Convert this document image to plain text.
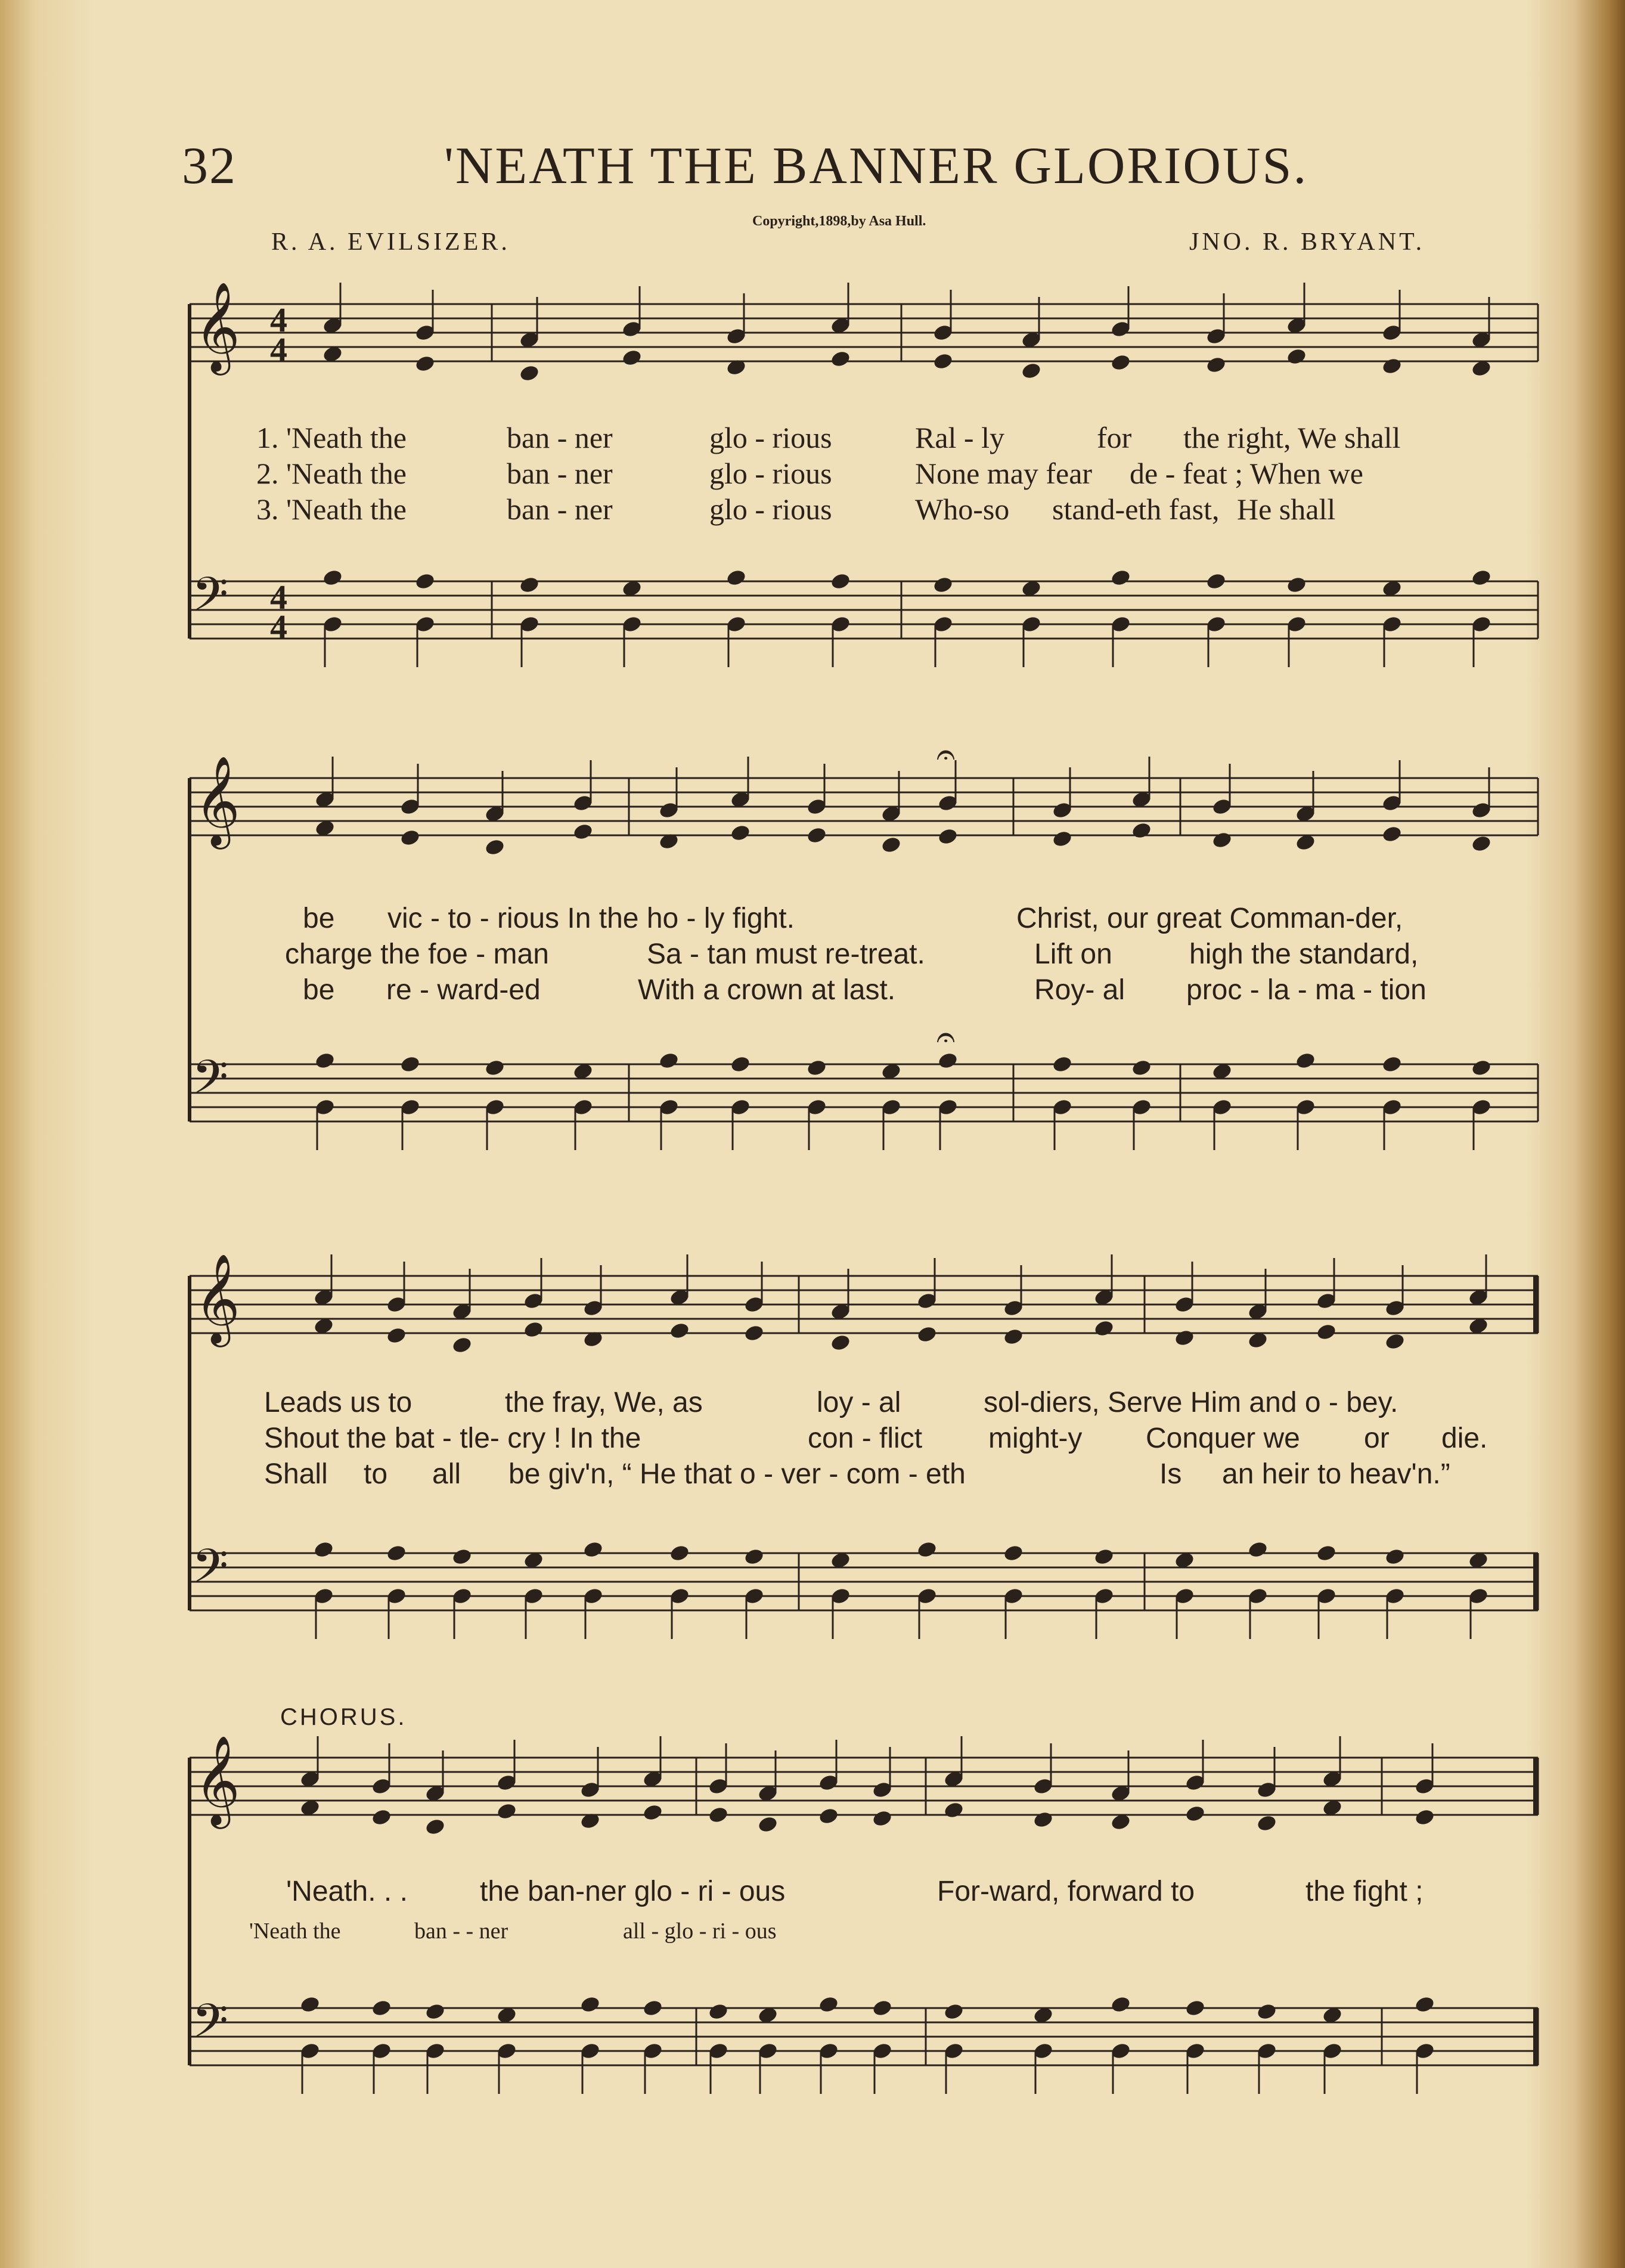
32	'NEATH THE BANNER GLORIOUS.
Copyright,1898,by Asa Hull.
R. A. EVILSIZER.	JNO. R. BRYANT.
CHORUS.
𝄞 4
4
𝄢 4
4
𝄞
𝄢
𝄞
𝄢
𝄞
𝄢
𝄐
𝄐
1. 'Neath the	ban - ner	glo - rious	Ral - ly	for the right, We shall
2. 'Neath the	ban - ner	glo - rious	None may fear de - feat ; When we
3. 'Neath the	ban - ner	glo - rious	Who-so stand-eth fast, He shall
be vic - to - rious In the ho - ly fight.	Christ, our great Comman-der,
charge the foe - man	Sa - tan must re-treat.	Lift on	high the standard,
be re - ward-ed	With a crown at last.	Roy- al proc - la - ma - tion
Leads us to	the fray, We, as	loy - al	sol-diers, Serve Him and o - bey.
Shout the bat - tle- cry ! In the	con - flict might-y Conquer we or die.
Shall to all be giv'n, “ He that o - ver - com - eth	Is an heir to heav'n.”
'Neath. . .	the ban-ner glo - ri - ous	For-ward, forward to	the fight ;
'Neath the	ban - - ner	all - glo - ri - ous
